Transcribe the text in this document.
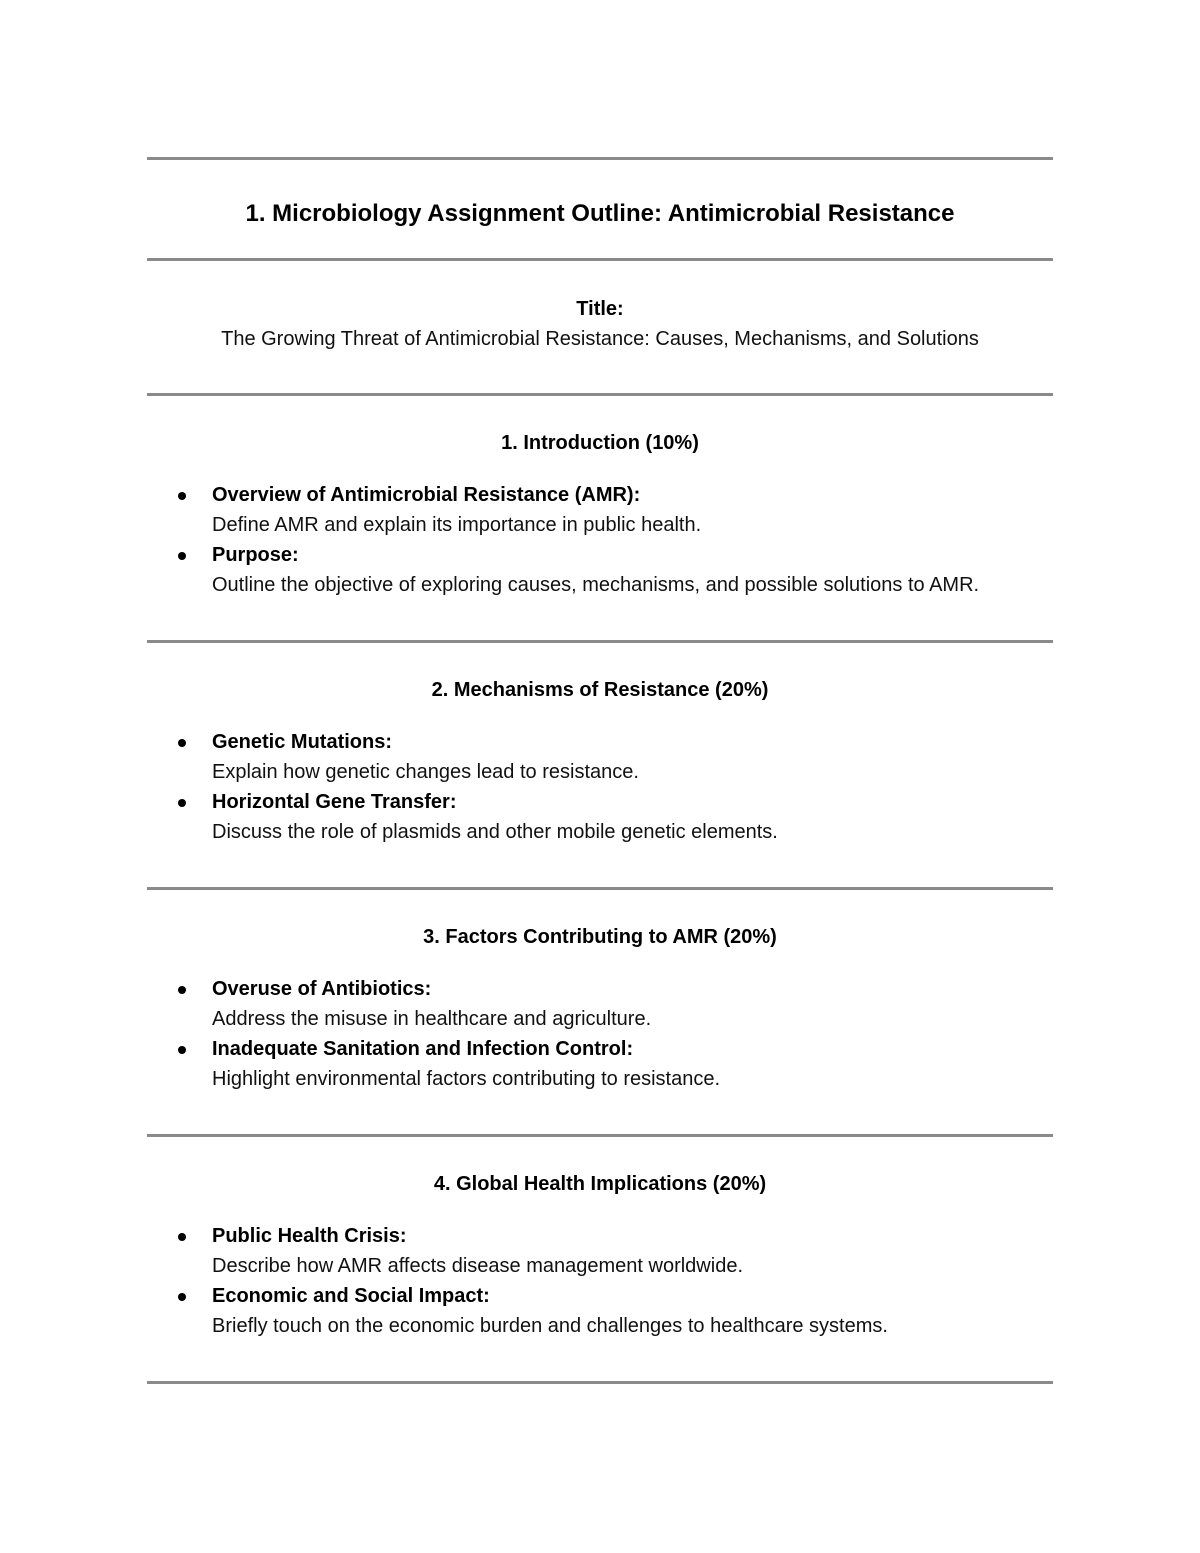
1. Microbiology Assignment Outline: Antimicrobial Resistance
Title:
The Growing Threat of Antimicrobial Resistance: Causes, Mechanisms, and Solutions
1. Introduction (10%)
Overview of Antimicrobial Resistance (AMR):
Define AMR and explain its importance in public health.
Purpose:
Outline the objective of exploring causes, mechanisms, and possible solutions to AMR.
2. Mechanisms of Resistance (20%)
Genetic Mutations:
Explain how genetic changes lead to resistance.
Horizontal Gene Transfer:
Discuss the role of plasmids and other mobile genetic elements.
3. Factors Contributing to AMR (20%)
Overuse of Antibiotics:
Address the misuse in healthcare and agriculture.
Inadequate Sanitation and Infection Control:
Highlight environmental factors contributing to resistance.
4. Global Health Implications (20%)
Public Health Crisis:
Describe how AMR affects disease management worldwide.
Economic and Social Impact:
Briefly touch on the economic burden and challenges to healthcare systems.
